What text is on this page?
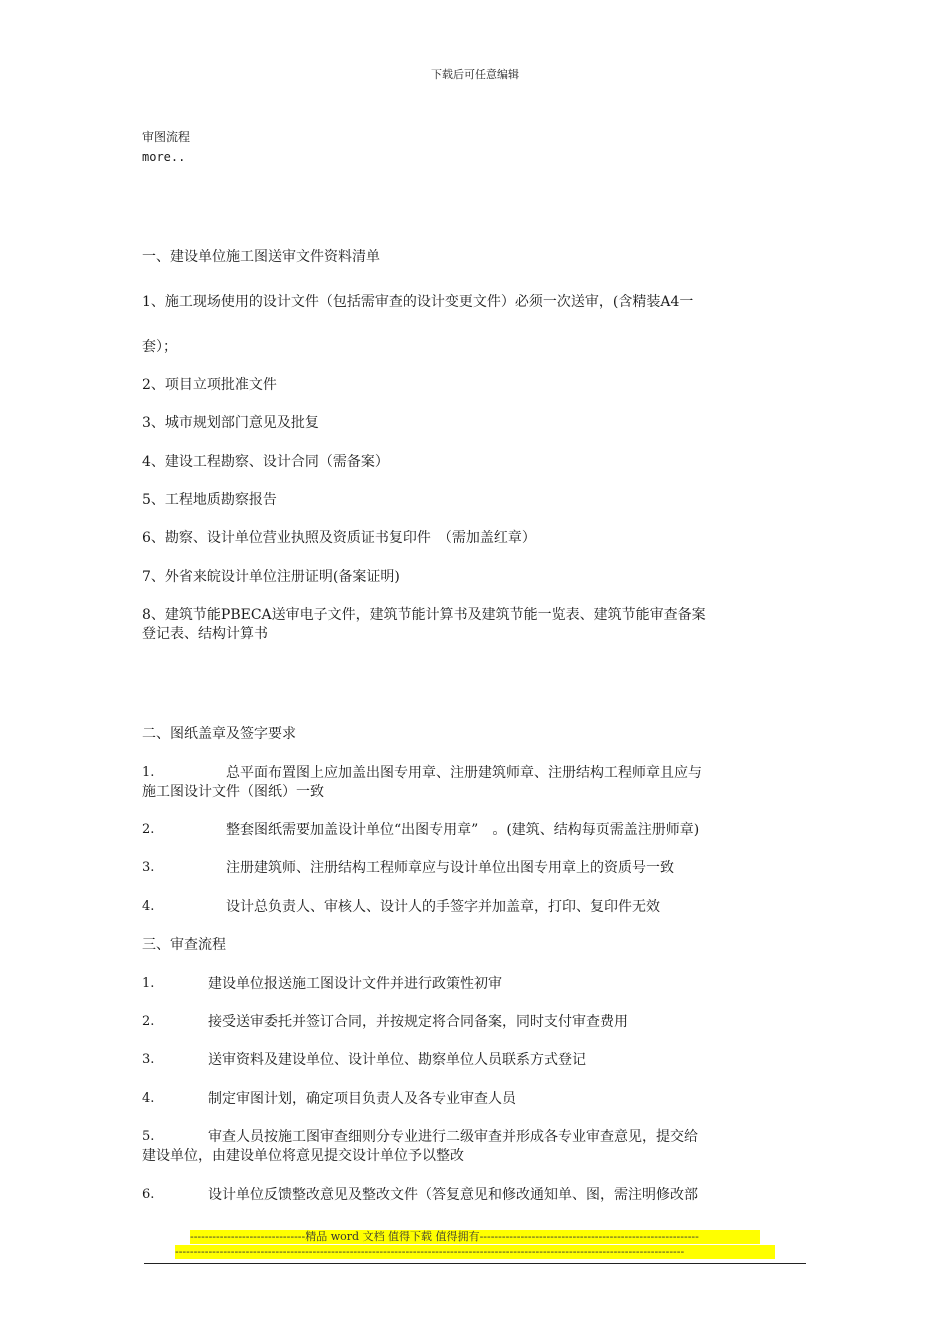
下载后可任意编辑
审图流程
more..
一、建设单位施工图送审文件资料清单
1、施工现场使用的设计文件（包括需审查的设计变更文件）必须一次送审，(含精装A4一
套）；
2、项目立项批准文件
3、城市规划部门意见及批复
4、建设工程勘察、设计合同（需备案）
5、工程地质勘察报告
6、勘察、设计单位营业执照及资质证书复印件　（需加盖红章）
7、外省来皖设计单位注册证明(备案证明)
8、建筑节能PBECA送审电子文件，建筑节能计算书及建筑节能一览表、建筑节能审查备案
登记表、结构计算书
二、图纸盖章及签字要求
1.	总平面布置图上应加盖出图专用章、注册建筑师章、注册结构工程师章且应与
施工图设计文件（图纸）一致
2.	整套图纸需要加盖设计单位“出图专用章”　。(建筑、结构每页需盖注册师章)
3.	注册建筑师、注册结构工程师章应与设计单位出图专用章上的资质号一致
4.	设计总负责人、审核人、设计人的手签字并加盖章，打印、复印件无效
三、审查流程
1.	建设单位报送施工图设计文件并进行政策性初审
2.	接受送审委托并签订合同，并按规定将合同备案，同时支付审查费用
3.	送审资料及建设单位、设计单位、勘察单位人员联系方式登记
4.	制定审图计划，确定项目负责人及各专业审查人员
5.	审查人员按施工图审查细则分专业进行二级审查并形成各专业审查意见，提交给
建设单位，由建设单位将意见提交设计单位予以整改
6.	设计单位反馈整改意见及整改文件（答复意见和修改通知单、图，需注明修改部
-------------------------------精品 word 文档 值得下载 值得拥有-----------------------------------------------------------
-----------------------------------------------------------------------------------------------------------------------------------------
